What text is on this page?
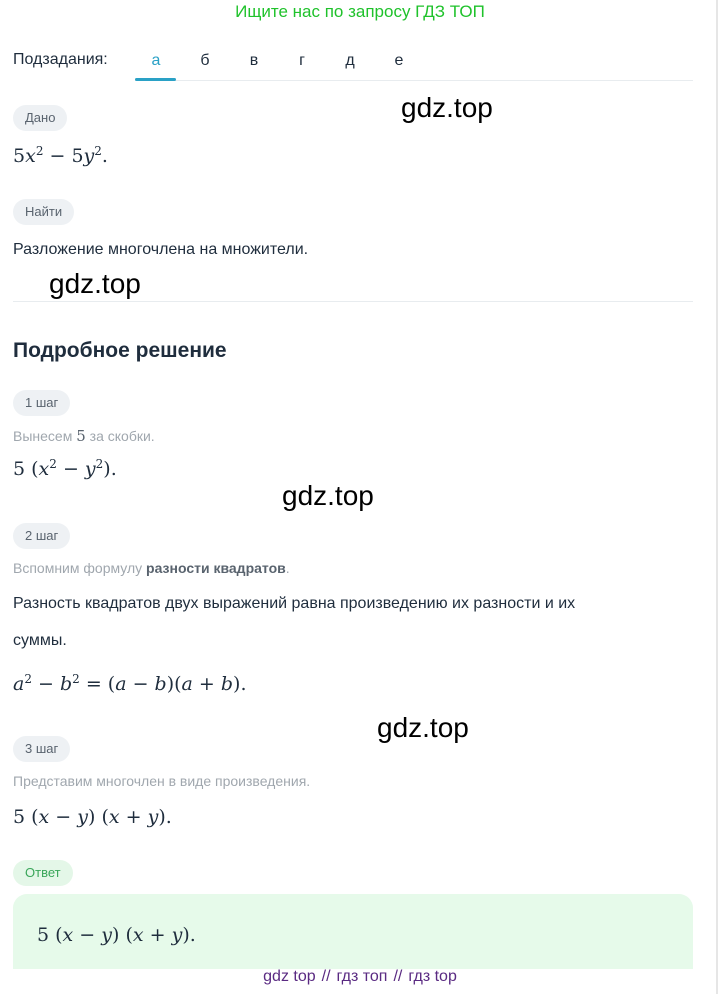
Ищите нас по запросу ГДЗ ТОП
Подзадания:	а	б	в	г	д	е
Дано
$5x^2 - 5y^2$.
Найти
Разложение многочлена на множители.
Подробное решение
1 шаг
Вынесем 5 за скобки.
5 $(x^2 - y^2)$.
2 шаг
Вспомним формулу разности квадратов.
Разность квадратов двух выражений равна произведению их разности и их
суммы.
$a^2 - b^2 = (a - b)(a + b)$.
3 шаг
Представим многочлен в виде произведения.
5 (x − y) (x + y).
Ответ
5 (x − y) (x + y).
gdz.top
gdz.top
gdz.top
gdz.top
gdz top // гдз топ // гдз top
